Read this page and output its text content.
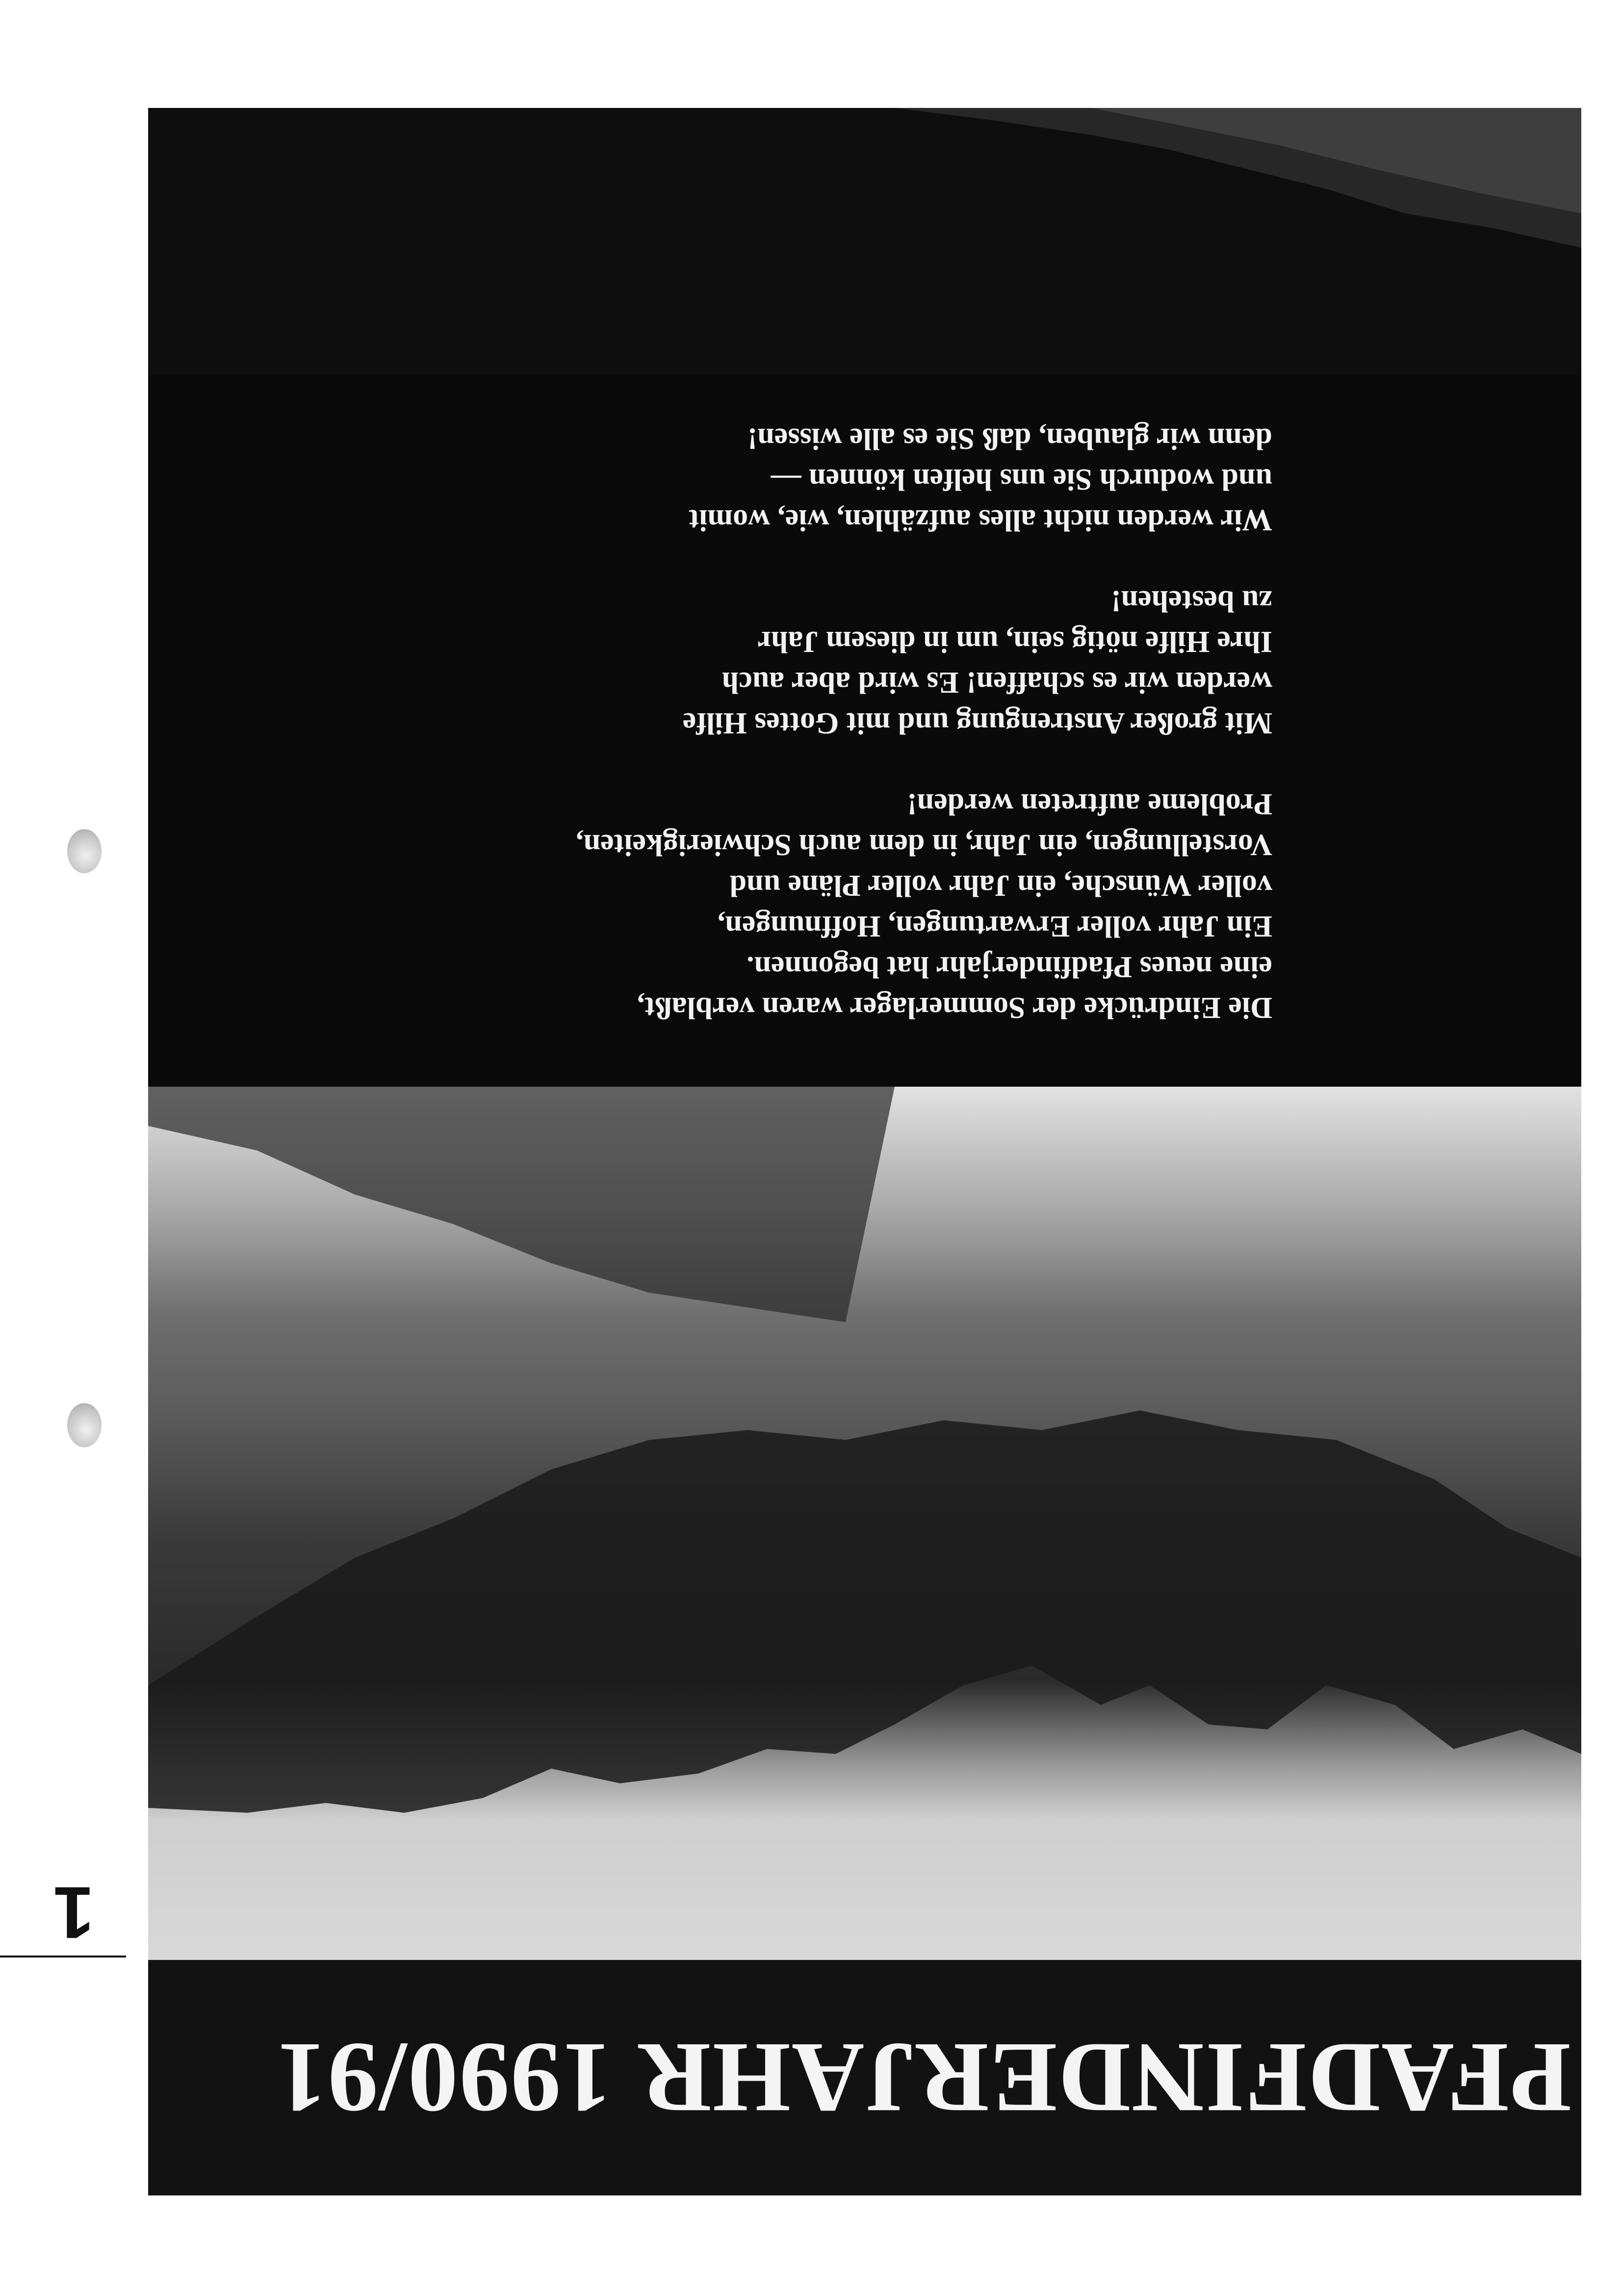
1
PFADFINDERJAHR 1990/91
Die Eindrücke der Sommerlager waren verblaßt,
eine neues Pfadfinderjahr hat begonnen.
Ein Jahr voller Erwartungen, Hoffnungen,
voller Wünsche, ein Jahr voller Pläne und
Vorstellungen, ein Jahr, in dem auch Schwierigkeiten,
Probleme auftreten werden!
Mit großer Anstrengung und mit Gottes Hilfe
werden wir es schaffen! Es wird aber auch
Ihre Hilfe nötig sein, um in diesem Jahr
zu bestehen!
Wir werden nicht alles aufzählen, wie, womit
und wodurch Sie uns helfen können —
denn wir glauben, daß Sie es alle wissen!
